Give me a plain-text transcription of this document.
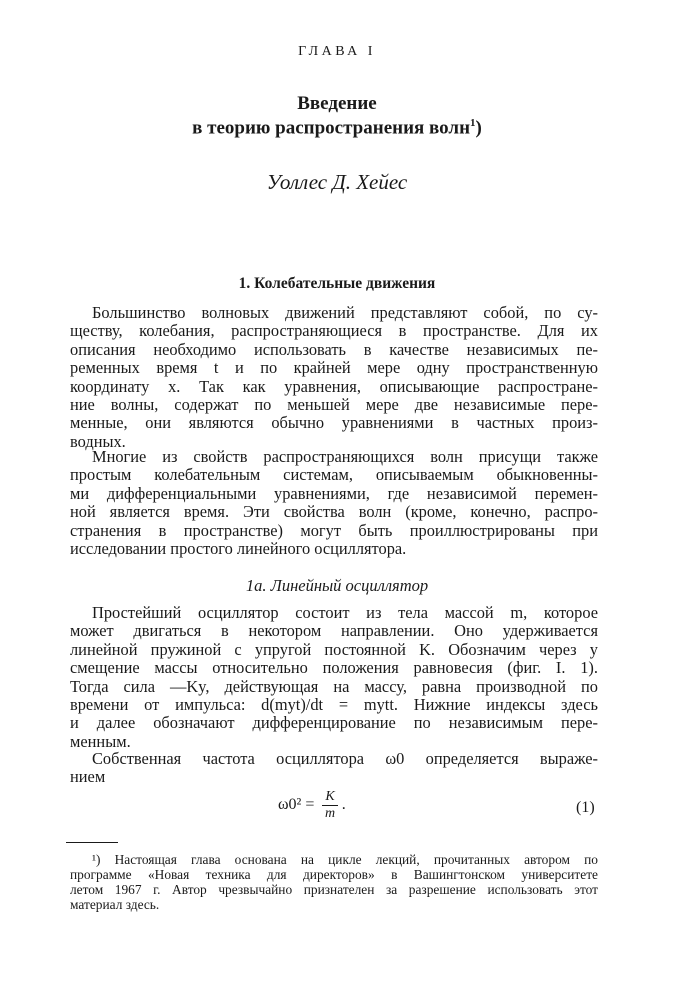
ГЛАВА I
Введение
в теорию распространения волн$^1$)
Уоллес Д. Хейес
1. Колебательные движения
Большинство волновых движений представляют собой, по су-
ществу, колебания, распространяющиеся в пространстве. Для их
описания необходимо использовать в качестве независимых пе-
ременных время t и по крайней мере одну пространственную
координату x. Так как уравнения, описывающие распростране-
ние волны, содержат по меньшей мере две независимые пере-
менные, они являются обычно уравнениями в частных произ-
водных.
Многие из свойств распространяющихся волн присущи также
простым колебательным системам, описываемым обыкновенны-
ми дифференциальными уравнениями, где независимой перемен-
ной является время. Эти свойства волн (кроме, конечно, распро-
странения в пространстве) могут быть проиллюстрированы при
исследовании простого линейного осциллятора.
1а. Линейный осциллятор
Простейший осциллятор состоит из тела массой m, которое
может двигаться в некотором направлении. Оно удерживается
линейной пружиной с упругой постоянной K. Обозначим через y
смещение массы относительно положения равновесия (фиг. I. 1).
Тогда сила —Ky, действующая на массу, равна производной по
времени от импульса: d(myt)/dt = mytt. Нижние индексы здесь
и далее обозначают дифференцирование по независимым пере-
менным.
Собственная частота осциллятора ω0 определяется выраже-
нием
$\omega 0^2 = \frac{K}{m}$ .	(1)
¹) Настоящая глава основана на цикле лекций, прочитанных автором по
программе «Новая техника для директоров» в Вашингтонском университете
летом 1967 г. Автор чрезвычайно признателен за разрешение использовать этот
материал здесь.
